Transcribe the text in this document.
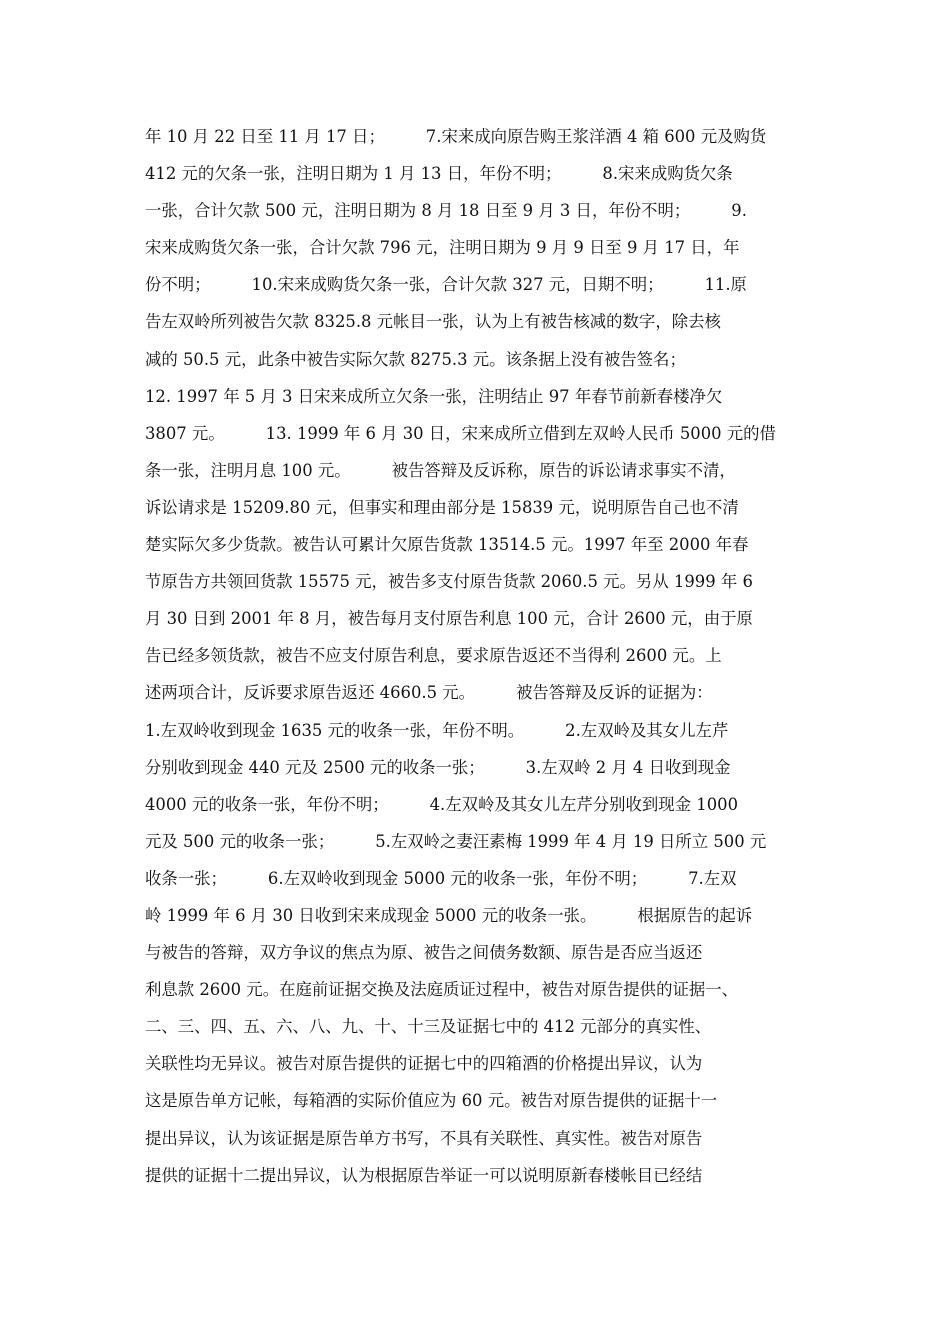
年 10 月 22 日至 11 月 17 日；　　　7.宋来成向原告购王浆洋酒 4 箱 600 元及购货
412 元的欠条一张，注明日期为 1 月 13 日，年份不明；　　　8.宋来成购货欠条
一张，合计欠款 500 元，注明日期为 8 月 18 日至 9 月 3 日，年份不明；　　　9.
宋来成购货欠条一张，合计欠款 796 元，注明日期为 9 月 9 日至 9 月 17 日，年
份不明；　　　10.宋来成购货欠条一张，合计欠款 327 元，日期不明；　　　11.原
告左双岭所列被告欠款 8325.8 元帐目一张，认为上有被告核减的数字，除去核
减的 50.5 元，此条中被告实际欠款 8275.3 元。该条据上没有被告签名；
12. 1997 年 5 月 3 日宋来成所立欠条一张，注明结止 97 年春节前新春楼净欠
3807 元。　　　13. 1999 年 6 月 30 日，宋来成所立借到左双岭人民币 5000 元的借
条一张，注明月息 100 元。　　　被告答辩及反诉称，原告的诉讼请求事实不清，
诉讼请求是 15209.80 元，但事实和理由部分是 15839 元，说明原告自己也不清
楚实际欠多少货款。被告认可累计欠原告货款 13514.5 元。1997 年至 2000 年春
节原告方共领回货款 15575 元，被告多支付原告货款 2060.5 元。另从 1999 年 6
月 30 日到 2001 年 8 月，被告每月支付原告利息 100 元，合计 2600 元，由于原
告已经多领货款，被告不应支付原告利息，要求原告返还不当得利 2600 元。上
述两项合计，反诉要求原告返还 4660.5 元。　　　被告答辩及反诉的证据为：
1.左双岭收到现金 1635 元的收条一张，年份不明。　　　2.左双岭及其女儿左芹
分别收到现金 440 元及 2500 元的收条一张；　　　3.左双岭 2 月 4 日收到现金
4000 元的收条一张，年份不明；　　　4.左双岭及其女儿左芹分别收到现金 1000
元及 500 元的收条一张；　　　5.左双岭之妻汪素梅 1999 年 4 月 19 日所立 500 元
收条一张；　　　6.左双岭收到现金 5000 元的收条一张，年份不明；　　　7.左双
岭 1999 年 6 月 30 日收到宋来成现金 5000 元的收条一张。　　　根据原告的起诉
与被告的答辩，双方争议的焦点为原、被告之间债务数额、原告是否应当返还
利息款 2600 元。在庭前证据交换及法庭质证过程中，被告对原告提供的证据一、
二、三、四、五、六、八、九、十、十三及证据七中的 412 元部分的真实性、
关联性均无异议。被告对原告提供的证据七中的四箱酒的价格提出异议，认为
这是原告单方记帐，每箱酒的实际价值应为 60 元。被告对原告提供的证据十一
提出异议，认为该证据是原告单方书写，不具有关联性、真实性。被告对原告
提供的证据十二提出异议，认为根据原告举证一可以说明原新春楼帐目已经结
